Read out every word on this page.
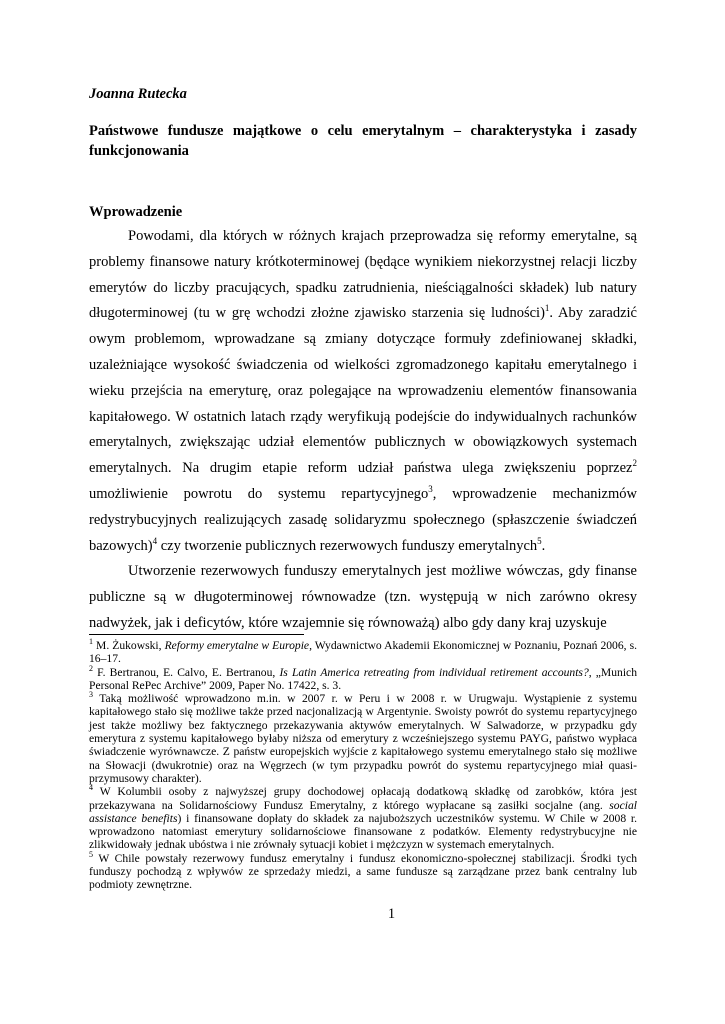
Joanna Rutecka
Państwowe fundusze majątkowe o celu emerytalnym – charakterystyka i zasady funkcjonowania
Wprowadzenie

Powodami, dla których w różnych krajach przeprowadza się reformy emerytalne, są problemy finansowe natury krótkoterminowej (będące wynikiem niekorzystnej relacji liczby emerytów do liczby pracujących, spadku zatrudnienia, nieściągalności składek) lub natury długoterminowej (tu w grę wchodzi złożne zjawisko starzenia się ludności)$^1$. Aby zaradzić owym problemom, wprowadzane są zmiany dotyczące formuły zdefiniowanej składki, uzależniające wysokość świadczenia od wielkości zgromadzonego kapitału emerytalnego i wieku przejścia na emeryturę, oraz polegające na wprowadzeniu elementów finansowania kapitałowego. W ostatnich latach rządy weryfikują podejście do indywidualnych rachunków emerytalnych, zwiększając udział elementów publicznych w obowiązkowych systemach emerytalnych. Na drugim etapie reform udział państwa ulega zwiększeniu poprzez$^2$ umożliwienie powrotu do systemu repartycyjnego$^3$, wprowadzenie mechanizmów redystrybucyjnych realizujących zasadę solidaryzmu społecznego (spłaszczenie świadczeń bazowych)$^4$ czy tworzenie publicznych rezerwowych funduszy emerytalnych$^5$.

Utworzenie rezerwowych funduszy emerytalnych jest możliwe wówczas, gdy finanse publiczne są w długoterminowej równowadze (tzn. występują w nich zarówno okresy nadwyżek, jak i deficytów, które wzajemnie się równoważą) albo gdy dany kraj uzyskuje

$^1$ M. Żukowski, Reformy emerytalne w Europie, Wydawnictwo Akademii Ekonomicznej w Poznaniu, Poznań 2006, s. 16–17.

$^2$ F. Bertranou, E. Calvo, E. Bertranou, Is Latin America retreating from individual retirement accounts?, „Munich Personal RePec Archive” 2009, Paper No. 17422, s. 3.

$^3$ Taką możliwość wprowadzono m.in. w 2007 r. w Peru i w 2008 r. w Urugwaju. Wystąpienie z systemu kapitałowego stało się możliwe także przed nacjonalizacją w Argentynie. Swoisty powrót do systemu repartycyjnego jest także możliwy bez faktycznego przekazywania aktywów emerytalnych. W Salwadorze, w przypadku gdy emerytura z systemu kapitałowego byłaby niższa od emerytury z wcześniejszego systemu PAYG, państwo wypłaca świadczenie wyrównawcze. Z państw europejskich wyjście z kapitałowego systemu emerytalnego stało się możliwe na Słowacji (dwukrotnie) oraz na Węgrzech (w tym przypadku powrót do systemu repartycyjnego miał quasi-przymusowy charakter).

$^4$ W Kolumbii osoby z najwyższej grupy dochodowej opłacają dodatkową składkę od zarobków, która jest przekazywana na Solidarnościowy Fundusz Emerytalny, z którego wypłacane są zasiłki socjalne (ang. social assistance benefits) i finansowane dopłaty do składek za najuboższych uczestników systemu. W Chile w 2008 r. wprowadzono natomiast emerytury solidarnościowe finansowane z podatków. Elementy redystrybucyjne nie zlikwidowały jednak ubóstwa i nie zrównały sytuacji kobiet i mężczyzn w systemach emerytalnych.

$^5$ W Chile powstały rezerwowy fundusz emerytalny i fundusz ekonomiczno-społecznej stabilizacji. Środki tych funduszy pochodzą z wpływów ze sprzedaży miedzi, a same fundusze są zarządzane przez bank centralny lub podmioty zewnętrzne.

1
